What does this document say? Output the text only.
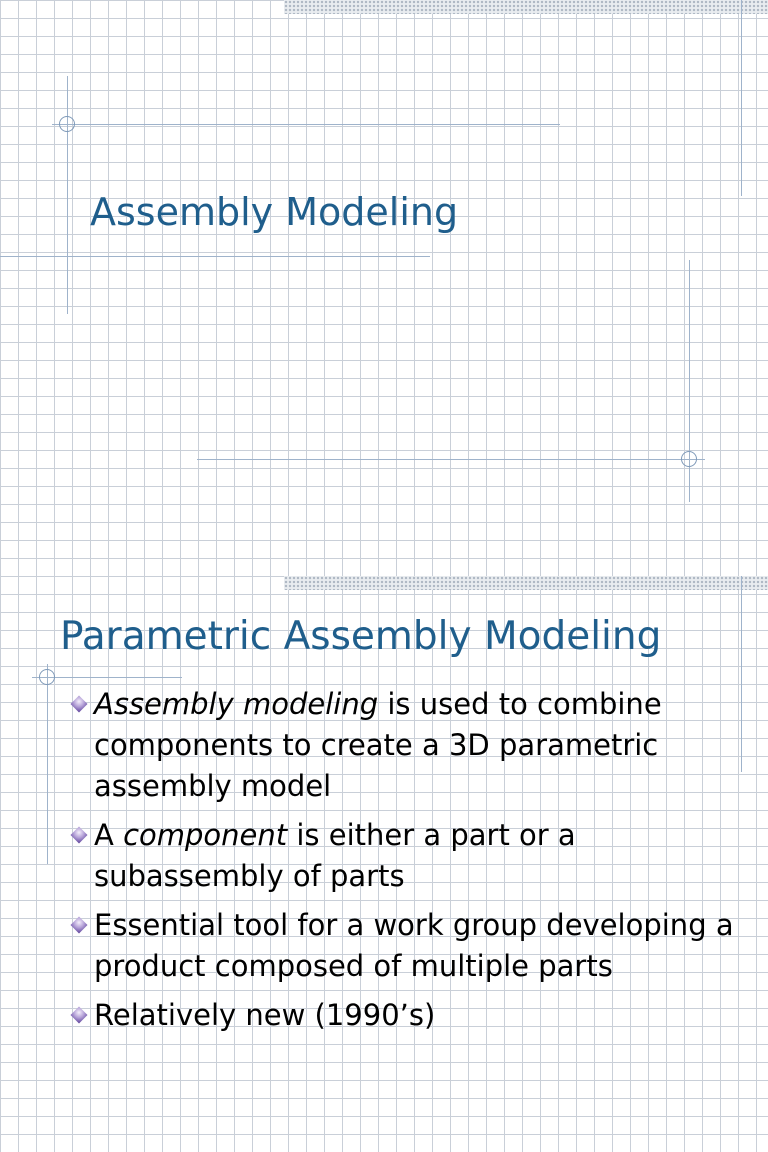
Assembly Modeling
Parametric Assembly Modeling
Assembly modeling is used to combine components to create a 3D parametric assembly model
A component is either a part or a subassembly of parts
Essential tool for a work group developing a product composed of multiple parts
Relatively new (1990’s)
